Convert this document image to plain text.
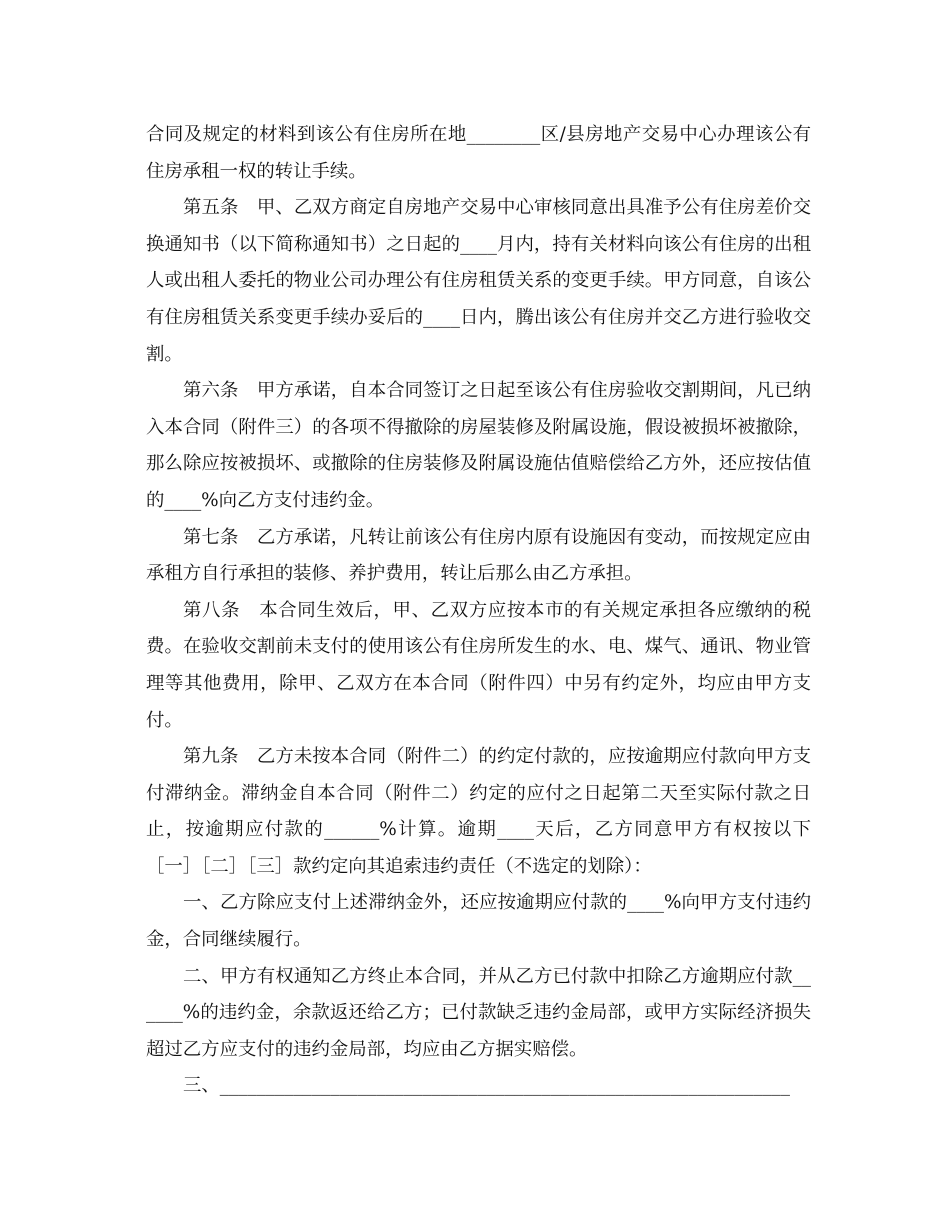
合同及规定的材料到该公有住房所在地________区/县房地产交易中心办理该公有住房承租一权的转让手续。

第五条　甲、乙双方商定自房地产交易中心审核同意出具准予公有住房差价交换通知书（以下简称通知书）之日起的____月内，持有关材料向该公有住房的出租人或出租人委托的物业公司办理公有住房租赁关系的变更手续。甲方同意，自该公有住房租赁关系变更手续办妥后的____日内，腾出该公有住房并交乙方进行验收交割。

第六条　甲方承诺，自本合同签订之日起至该公有住房验收交割期间，凡已纳入本合同（附件三）的各项不得撤除的房屋装修及附属设施，假设被损坏被撤除，那么除应按被损坏、或撤除的住房装修及附属设施估值赔偿给乙方外，还应按估值的____%向乙方支付违约金。

第七条　乙方承诺，凡转让前该公有住房内原有设施因有变动，而按规定应由承租方自行承担的装修、养护费用，转让后那么由乙方承担。

第八条　本合同生效后，甲、乙双方应按本市的有关规定承担各应缴纳的税费。在验收交割前未支付的使用该公有住房所发生的水、电、煤气、通讯、物业管理等其他费用，除甲、乙双方在本合同（附件四）中另有约定外，均应由甲方支付。

第九条　乙方未按本合同（附件二）的约定付款的，应按逾期应付款向甲方支付滞纳金。滞纳金自本合同（附件二）约定的应付之日起第二天至实际付款之日止，按逾期应付款的______%计算。逾期____天后，乙方同意甲方有权按以下［一］［二］［三］款约定向其追索违约责任（不选定的划除）：

一、乙方除应支付上述滞纳金外，还应按逾期应付款的____%向甲方支付违约金，合同继续履行。

二、甲方有权通知乙方终止本合同，并从乙方已付款中扣除乙方逾期应付款______%的违约金，余款返还给乙方；已付款缺乏违约金局部，或甲方实际经济损失超过乙方应支付的违约金局部，均应由乙方据实赔偿。

三、______________________________________________________________
